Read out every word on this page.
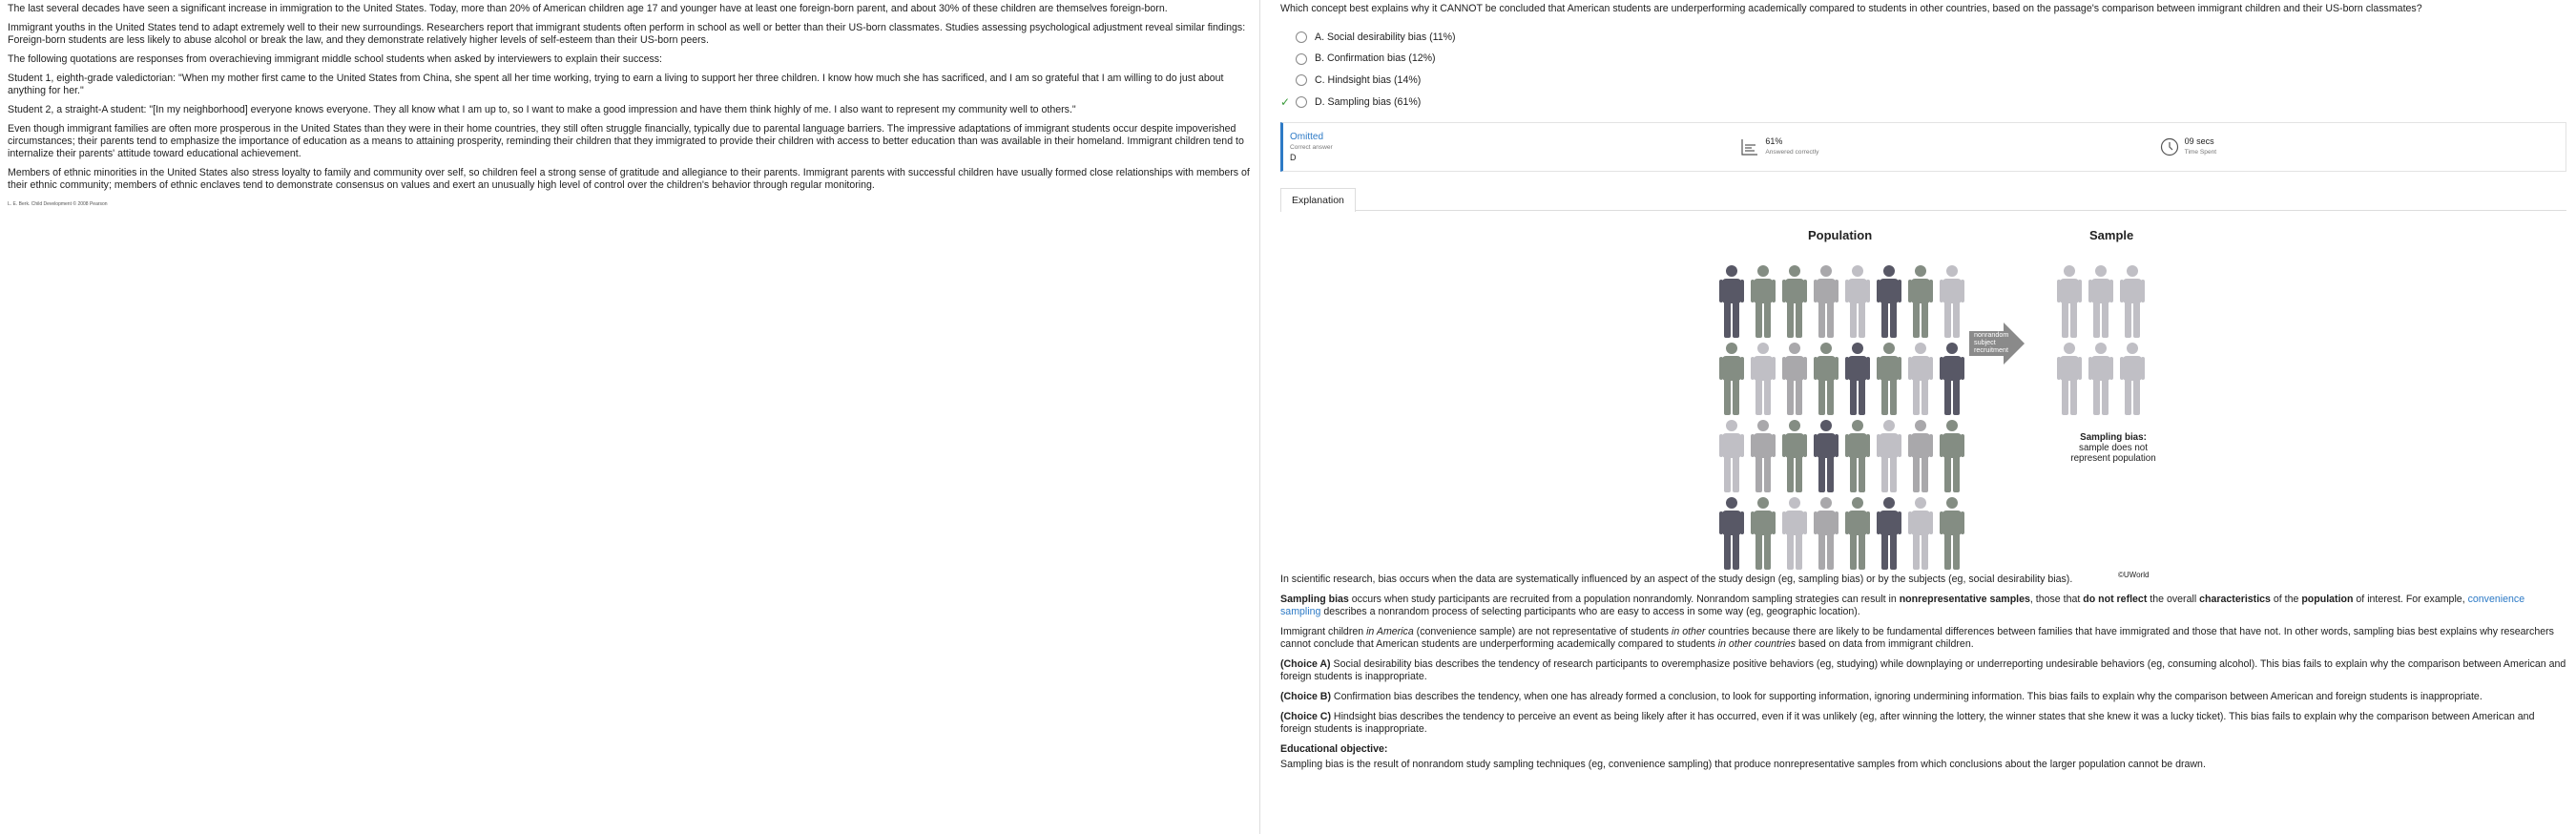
The last several decades have seen a significant increase in immigration to the United States. Today, more than 20% of American children age 17 and younger have at least one foreign-born parent, and about 30% of these children are themselves foreign-born.

Immigrant youths in the United States tend to adapt extremely well to their new surroundings. Researchers report that immigrant students often perform in school as well or better than their US-born classmates. Studies assessing psychological adjustment reveal similar findings: Foreign-born students are less likely to abuse alcohol or break the law, and they demonstrate relatively higher levels of self-esteem than their US-born peers.

The following quotations are responses from overachieving immigrant middle school students when asked by interviewers to explain their success:

Student 1, eighth-grade valedictorian: "When my mother first came to the United States from China, she spent all her time working, trying to earn a living to support her three children. I know how much she has sacrificed, and I am so grateful that I am willing to do just about anything for her."

Student 2, a straight-A student: "[In my neighborhood] everyone knows everyone. They all know what I am up to, so I want to make a good impression and have them think highly of me. I also want to represent my community well to others."

Even though immigrant families are often more prosperous in the United States than they were in their home countries, they still often struggle financially, typically due to parental language barriers. The impressive adaptations of immigrant students occur despite impoverished circumstances; their parents tend to emphasize the importance of education as a means to attaining prosperity, reminding their children that they immigrated to provide their children with access to better education than was available in their homeland. Immigrant children tend to internalize their parents' attitude toward educational achievement.

Members of ethnic minorities in the United States also stress loyalty to family and community over self, so children feel a strong sense of gratitude and allegiance to their parents. Immigrant parents with successful children have usually formed close relationships with members of their ethnic community; members of ethnic enclaves tend to demonstrate consensus on values and exert an unusually high level of control over the children's behavior through regular monitoring.

L. E. Berk. Child Development © 2008 Pearson
Which concept best explains why it CANNOT be concluded that American students are underperforming academically compared to students in other countries, based on the passage's comparison between immigrant children and their US-born classmates?
A. Social desirability bias (11%)
B. Confirmation bias (12%)
C. Hindsight bias (14%)
✓ D. Sampling bias (61%)
Omitted
Correct answer
D
61%
Answered correctly
09 secs
Time Spent
Explanation
Population	Sample
nonrandom subject recruitment
Sampling bias:
sample does not represent population
©UWorld

In scientific research, bias occurs when the data are systematically influenced by an aspect of the study design (eg, sampling bias) or by the subjects (eg, social desirability bias).

Sampling bias occurs when study participants are recruited from a population nonrandomly. Nonrandom sampling strategies can result in nonrepresentative samples, those that do not reflect the overall characteristics of the population of interest. For example, convenience sampling describes a nonrandom process of selecting participants who are easy to access in some way (eg, geographic location).

Immigrant children in America (convenience sample) are not representative of students in other countries because there are likely to be fundamental differences between families that have immigrated and those that have not. In other words, sampling bias best explains why researchers cannot conclude that American students are underperforming academically compared to students in other countries based on data from immigrant children.

(Choice A) Social desirability bias describes the tendency of research participants to overemphasize positive behaviors (eg, studying) while downplaying or underreporting undesirable behaviors (eg, consuming alcohol). This bias fails to explain why the comparison between American and foreign students is inappropriate.

(Choice B) Confirmation bias describes the tendency, when one has already formed a conclusion, to look for supporting information, ignoring undermining information. This bias fails to explain why the comparison between American and foreign students is inappropriate.

(Choice C) Hindsight bias describes the tendency to perceive an event as being likely after it has occurred, even if it was unlikely (eg, after winning the lottery, the winner states that she knew it was a lucky ticket). This bias fails to explain why the comparison between American and foreign students is inappropriate.

Educational objective:
Sampling bias is the result of nonrandom study sampling techniques (eg, convenience sampling) that produce nonrepresentative samples from which conclusions about the larger population cannot be drawn.
